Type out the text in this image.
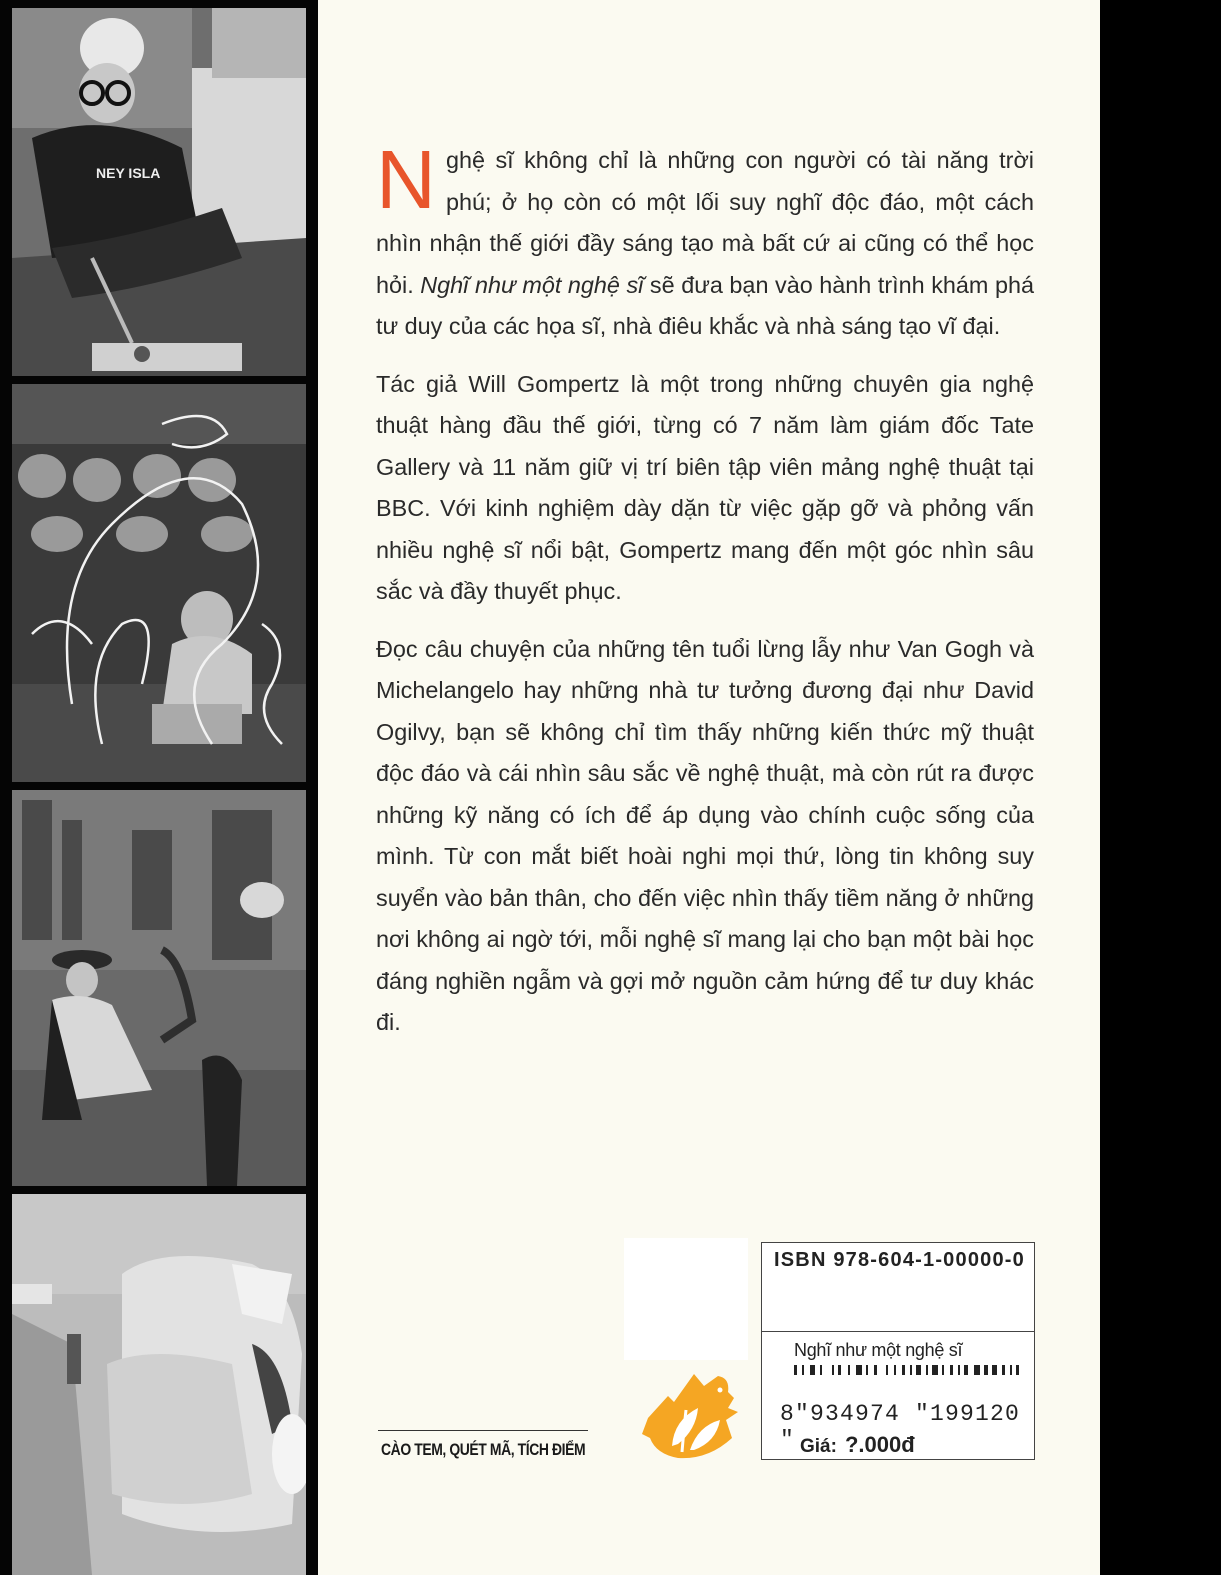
NEY ISLA	Nghệ sĩ không chỉ là những con người có tài năng trời phú; ở họ còn có một lối suy nghĩ độc đáo, một cách nhìn nhận thế giới đầy sáng tạo mà bất cứ ai cũng có thể học hỏi. Nghĩ như một nghệ sĩ sẽ đưa bạn vào hành trình khám phá tư duy của các họa sĩ, nhà điêu khắc và nhà sáng tạo vĩ đại.

Tác giả Will Gompertz là một trong những chuyên gia nghệ thuật hàng đầu thế giới, từng có 7 năm làm giám đốc Tate Gallery và 11 năm giữ vị trí biên tập viên mảng nghệ thuật tại BBC. Với kinh nghiệm dày dặn từ việc gặp gỡ và phỏng vấn nhiều nghệ sĩ nổi bật, Gompertz mang đến một góc nhìn sâu sắc và đầy thuyết phục.

Đọc câu chuyện của những tên tuổi lừng lẫy như Van Gogh và Michelangelo hay những nhà tư tưởng đương đại như David Ogilvy, bạn sẽ không chỉ tìm thấy những kiến thức mỹ thuật độc đáo và cái nhìn sâu sắc về nghệ thuật, mà còn rút ra được những kỹ năng có ích để áp dụng vào chính cuộc sống của mình. Từ con mắt biết hoài nghi mọi thứ, lòng tin không suy suyển vào bản thân, cho đến việc nhìn thấy tiềm năng ở những nơi không ai ngờ tới, mỗi nghệ sĩ mang lại cho bạn một bài học đáng nghiền ngẫm và gợi mở nguồn cảm hứng để tư duy khác đi.

ISBN 978-604-1-00000-0
Nghĩ như một nghệ sĩ
8"934974 "199120 " Giá: ?.000đ
CÀO TEM, QUÉT MÃ, TÍCH ĐIỂM
